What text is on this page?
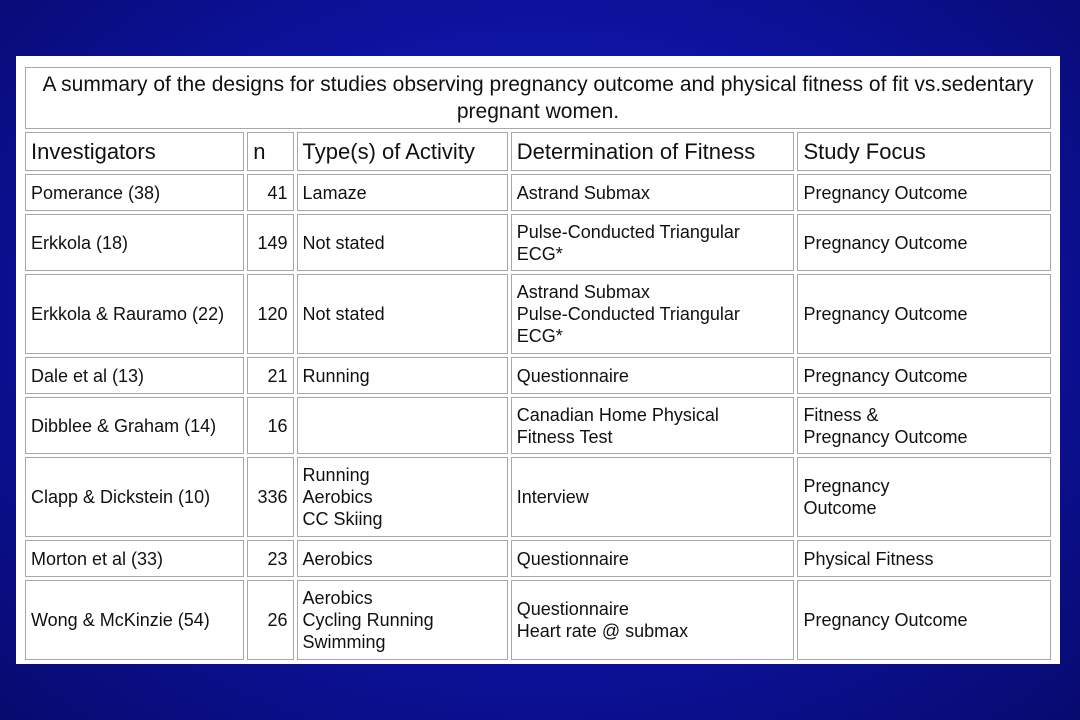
A summary of the designs for studies observing pregnancy outcome and physical fitness of fit vs.sedentary pregnant women.				
Investigators	n	Type(s) of Activity	Determination of Fitness	Study Focus
Pomerance (38)	41	Lamaze	Astrand Submax	Pregnancy Outcome

Erkkola (18)	149	Not stated	Pulse-Conducted Triangular
ECG*	Pregnancy Outcome

Erkkola & Rauramo (22)	120	Not stated	Astrand Submax
Pulse-Conducted Triangular
ECG*	Pregnancy Outcome

Dale et al (13)	21	Running	Questionnaire	Pregnancy Outcome

Dibblee & Graham (14)	16		Canadian Home Physical
Fitness Test	Fitness &
Pregnancy Outcome

Clapp & Dickstein (10)	336	Running
Aerobics
CC Skiing	Interview	Pregnancy
Outcome

Morton et al (33)	23	Aerobics	Questionnaire	Physical Fitness

Wong & McKinzie (54)	26	Aerobics
Cycling Running
Swimming	Questionnaire
Heart rate @ submax	Pregnancy Outcome
